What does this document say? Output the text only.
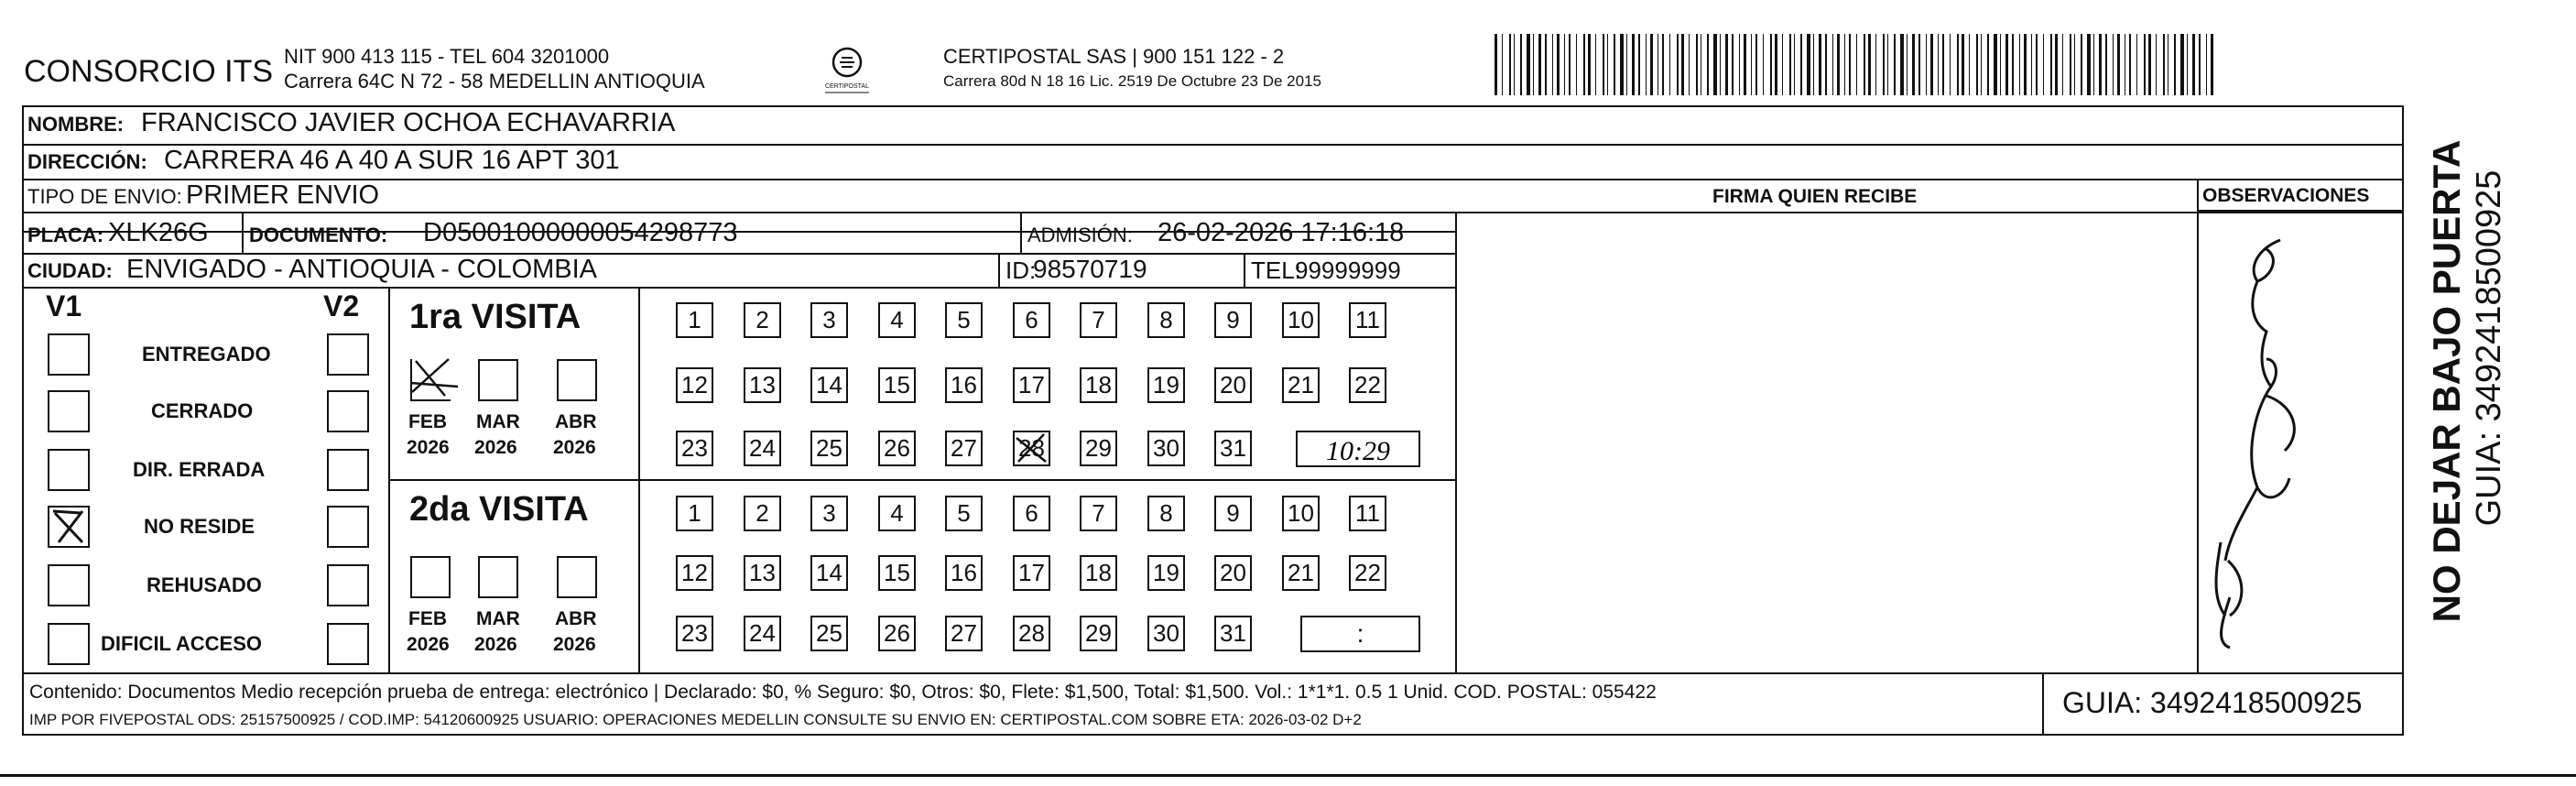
CONSORCIO ITS NIT 900 413 115 - TEL 604 3201000
Carrera 64C N 72 - 58 MEDELLIN ANTIOQUIA	CERTIPOSTAL
CERTIPOSTAL SAS | 900 151 122 - 2
Carrera 80d N 18 16 Lic. 2519 De Octubre 23 De 2015
NOMBRE: FRANCISCO JAVIER OCHOA ECHAVARRIA
DIRECCIÓN: CARRERA 46 A 40 A SUR 16 APT 301
TIPO DE ENVIO: PRIMER ENVIO	FIRMA QUIEN RECIBE	OBSERVACIONES
PLACA: XLK26G DOCUMENTO: D05001000000054298773	ADMISIÓN: 26-02-2026 17:16:18
CIUDAD: ENVIGADO - ANTIOQUIA - COLOMBIA	ID:
98570719	TEL:
99999999
V1	V2
ENTREGADO
CERRADO
DIR. ERRADA
NO RESIDE
REHUSADO
DIFICIL ACCESO
1ra VISITA
2da VISITA
FEB
2026
MAR
2026
ABR
2026
FEB
2026
MAR
2026
ABR
2026
1	2	3	4	5	6	7	8	9	10 11
12 13 14 15 16 17 18 19 20 21 22
23 24 25 26 27 28 29 30 31
1	2	3	4	5	6	7	8	9	10 11
12 13 14 15 16 17 18 19 20 21 22
23 24 25 26 27 28 29 30 31
10:29
:
Contenido: Documentos Medio recepción prueba de entrega: electrónico | Declarado: $0, % Seguro: $0, Otros: $0, Flete: $1,500, Total: $1,500. Vol.: 1*1*1. 0.5 1 Unid. COD. POSTAL: 055422
IMP POR FIVEPOSTAL ODS: 25157500925 / COD.IMP: 54120600925 USUARIO: OPERACIONES MEDELLIN CONSULTE SU ENVIO EN: CERTIPOSTAL.COM SOBRE ETA: 2026-03-02 D+2
GUIA: 3492418500925
NO DEJAR BAJO PUERTA GUIA: 3492418500925
